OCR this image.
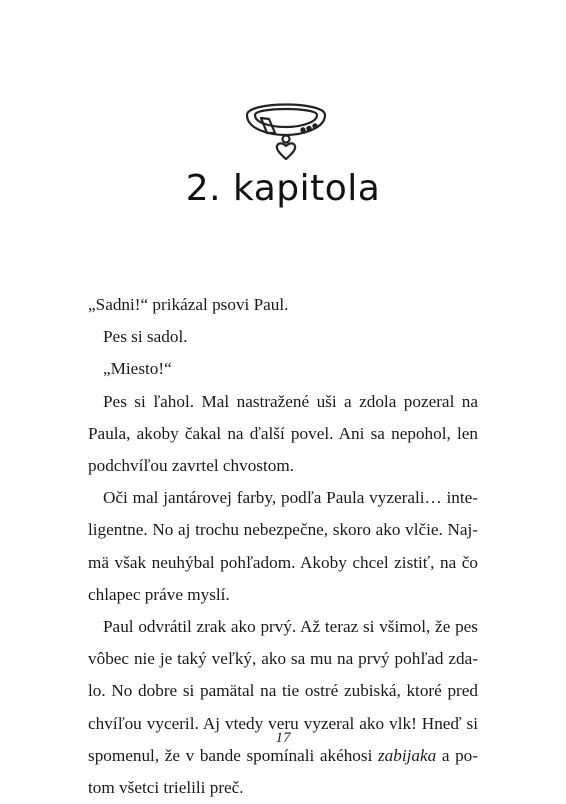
2. kapitola

„Sadni!“ prikázal psovi Paul.

Pes si sadol.

„Miesto!“

Pes si ľahol. Mal nastražené uši a zdola pozeral na Paula, akoby čakal na ďalší povel. Ani sa nepohol, len podchvíľou zavrtel chvostom.

Oči mal jantárovej farby, podľa Paula vyzerali… inte-ligentne. No aj trochu nebezpečne, skoro ako vlčie. Naj-mä však neuhýbal pohľadom. Akoby chcel zistiť, na čo chlapec práve myslí.

Paul odvrátil zrak ako prvý. Až teraz si všimol, že pes vôbec nie je taký veľký, ako sa mu na prvý pohľad zda-lo. No dobre si pamätal na tie ostré zubiská, ktoré pred chvíľou vyceril. Aj vtedy veru vyzeral ako vlk! Hneď si spomenul, že v bande spomínali akéhosi zabijaka a po-tom všetci trielili preč.

17
